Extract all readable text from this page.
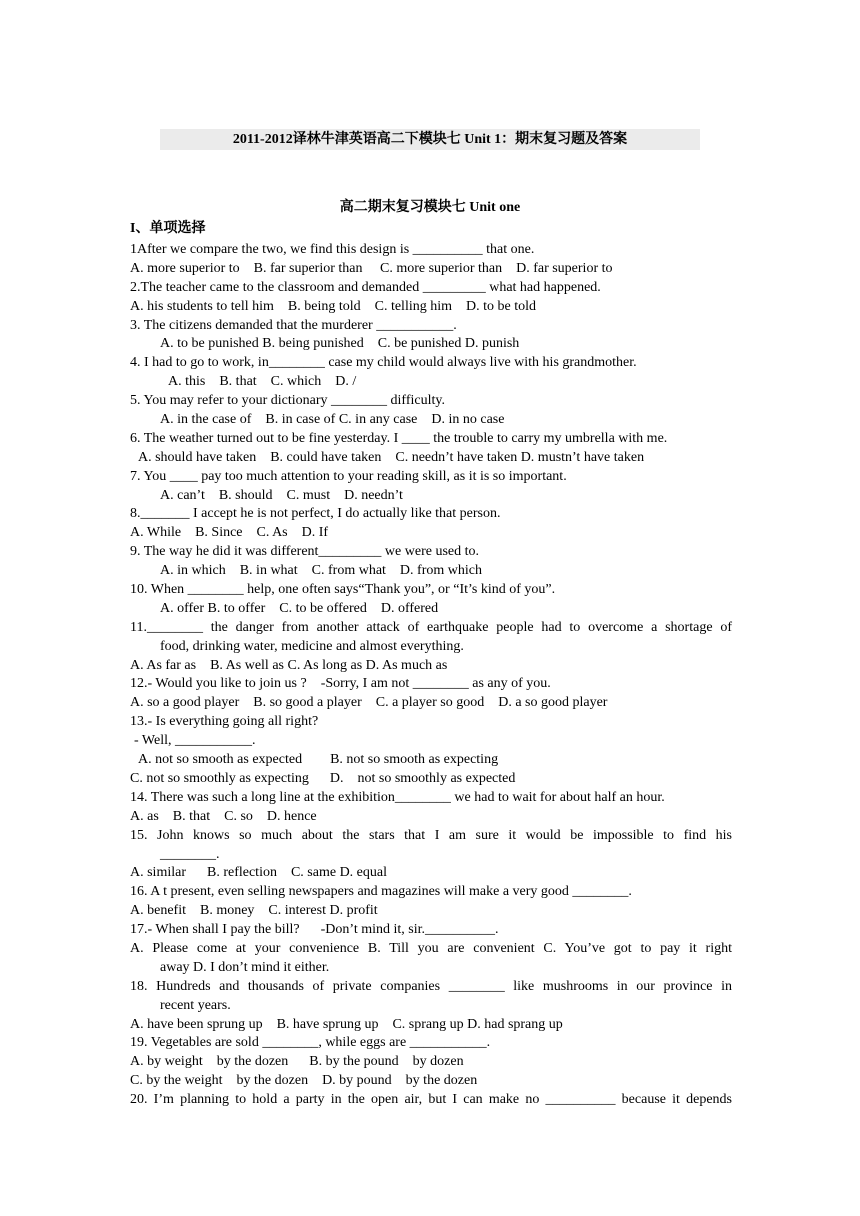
2011-2012译林牛津英语高二下模块七 Unit 1：期末复习题及答案
高二期末复习模块七 Unit one
I、单项选择
1After we compare the two, we find this design is __________ that one.
A. more superior to    B. far superior than     C. more superior than    D. far superior to
2.The teacher came to the classroom and demanded _________ what had happened.
A. his students to tell him    B. being told    C. telling him    D. to be told
3. The citizens demanded that the murderer ___________.
A. to be punished B. being punished    C. be punished D. punish
4. I had to go to work, in________ case my child would always live with his grandmother.
A. this    B. that    C. which    D. /
5. You may refer to your dictionary ________ difficulty.
A. in the case of    B. in case of C. in any case    D. in no case
6. The weather turned out to be fine yesterday. I ____ the trouble to carry my umbrella with me.
A. should have taken    B. could have taken    C. needn’t have taken D. mustn’t have taken
7. You ____ pay too much attention to your reading skill, as it is so important.
A. can’t    B. should    C. must    D. needn’t
8._______ I accept he is not perfect, I do actually like that person.
A. While    B. Since    C. As    D. If
9. The way he did it was different_________ we were used to.
A. in which    B. in what    C. from what    D. from which
10. When ________ help, one often says“Thank you”, or “It’s kind of you”.
A. offer B. to offer    C. to be offered    D. offered
11.________ the danger from another attack of earthquake people had to overcome a shortage of
food, drinking water, medicine and almost everything.
A. As far as    B. As well as C. As long as D. As much as
12.- Would you like to join us ?    -Sorry, I am not ________ as any of you.
A. so a good player    B. so good a player    C. a player so good    D. a so good player
13.- Is everything going all right?
- Well, ___________.
A. not so smooth as expected        B. not so smooth as expecting
C. not so smoothly as expecting      D.    not so smoothly as expected
14. There was such a long line at the exhibition________ we had to wait for about half an hour.
A. as    B. that    C. so    D. hence
15. John knows so much about the stars that I am sure it would be impossible to find his
________.
A. similar      B. reflection    C. same D. equal
16. A t present, even selling newspapers and magazines will make a very good ________.
A. benefit    B. money    C. interest D. profit
17.- When shall I pay the bill?      -Don’t mind it, sir.__________.
A. Please come at your convenience B. Till you are convenient C. You’ve got to pay it right
away D. I don’t mind it either.
18. Hundreds and thousands of private companies ________ like mushrooms in our province in
recent years.
A. have been sprung up    B. have sprung up    C. sprang up D. had sprang up
19. Vegetables are sold ________, while eggs are ___________.
A. by weight    by the dozen      B. by the pound    by dozen
C. by the weight    by the dozen    D. by pound    by the dozen
20. I’m planning to hold a party in the open air, but I can make no __________ because it depends
